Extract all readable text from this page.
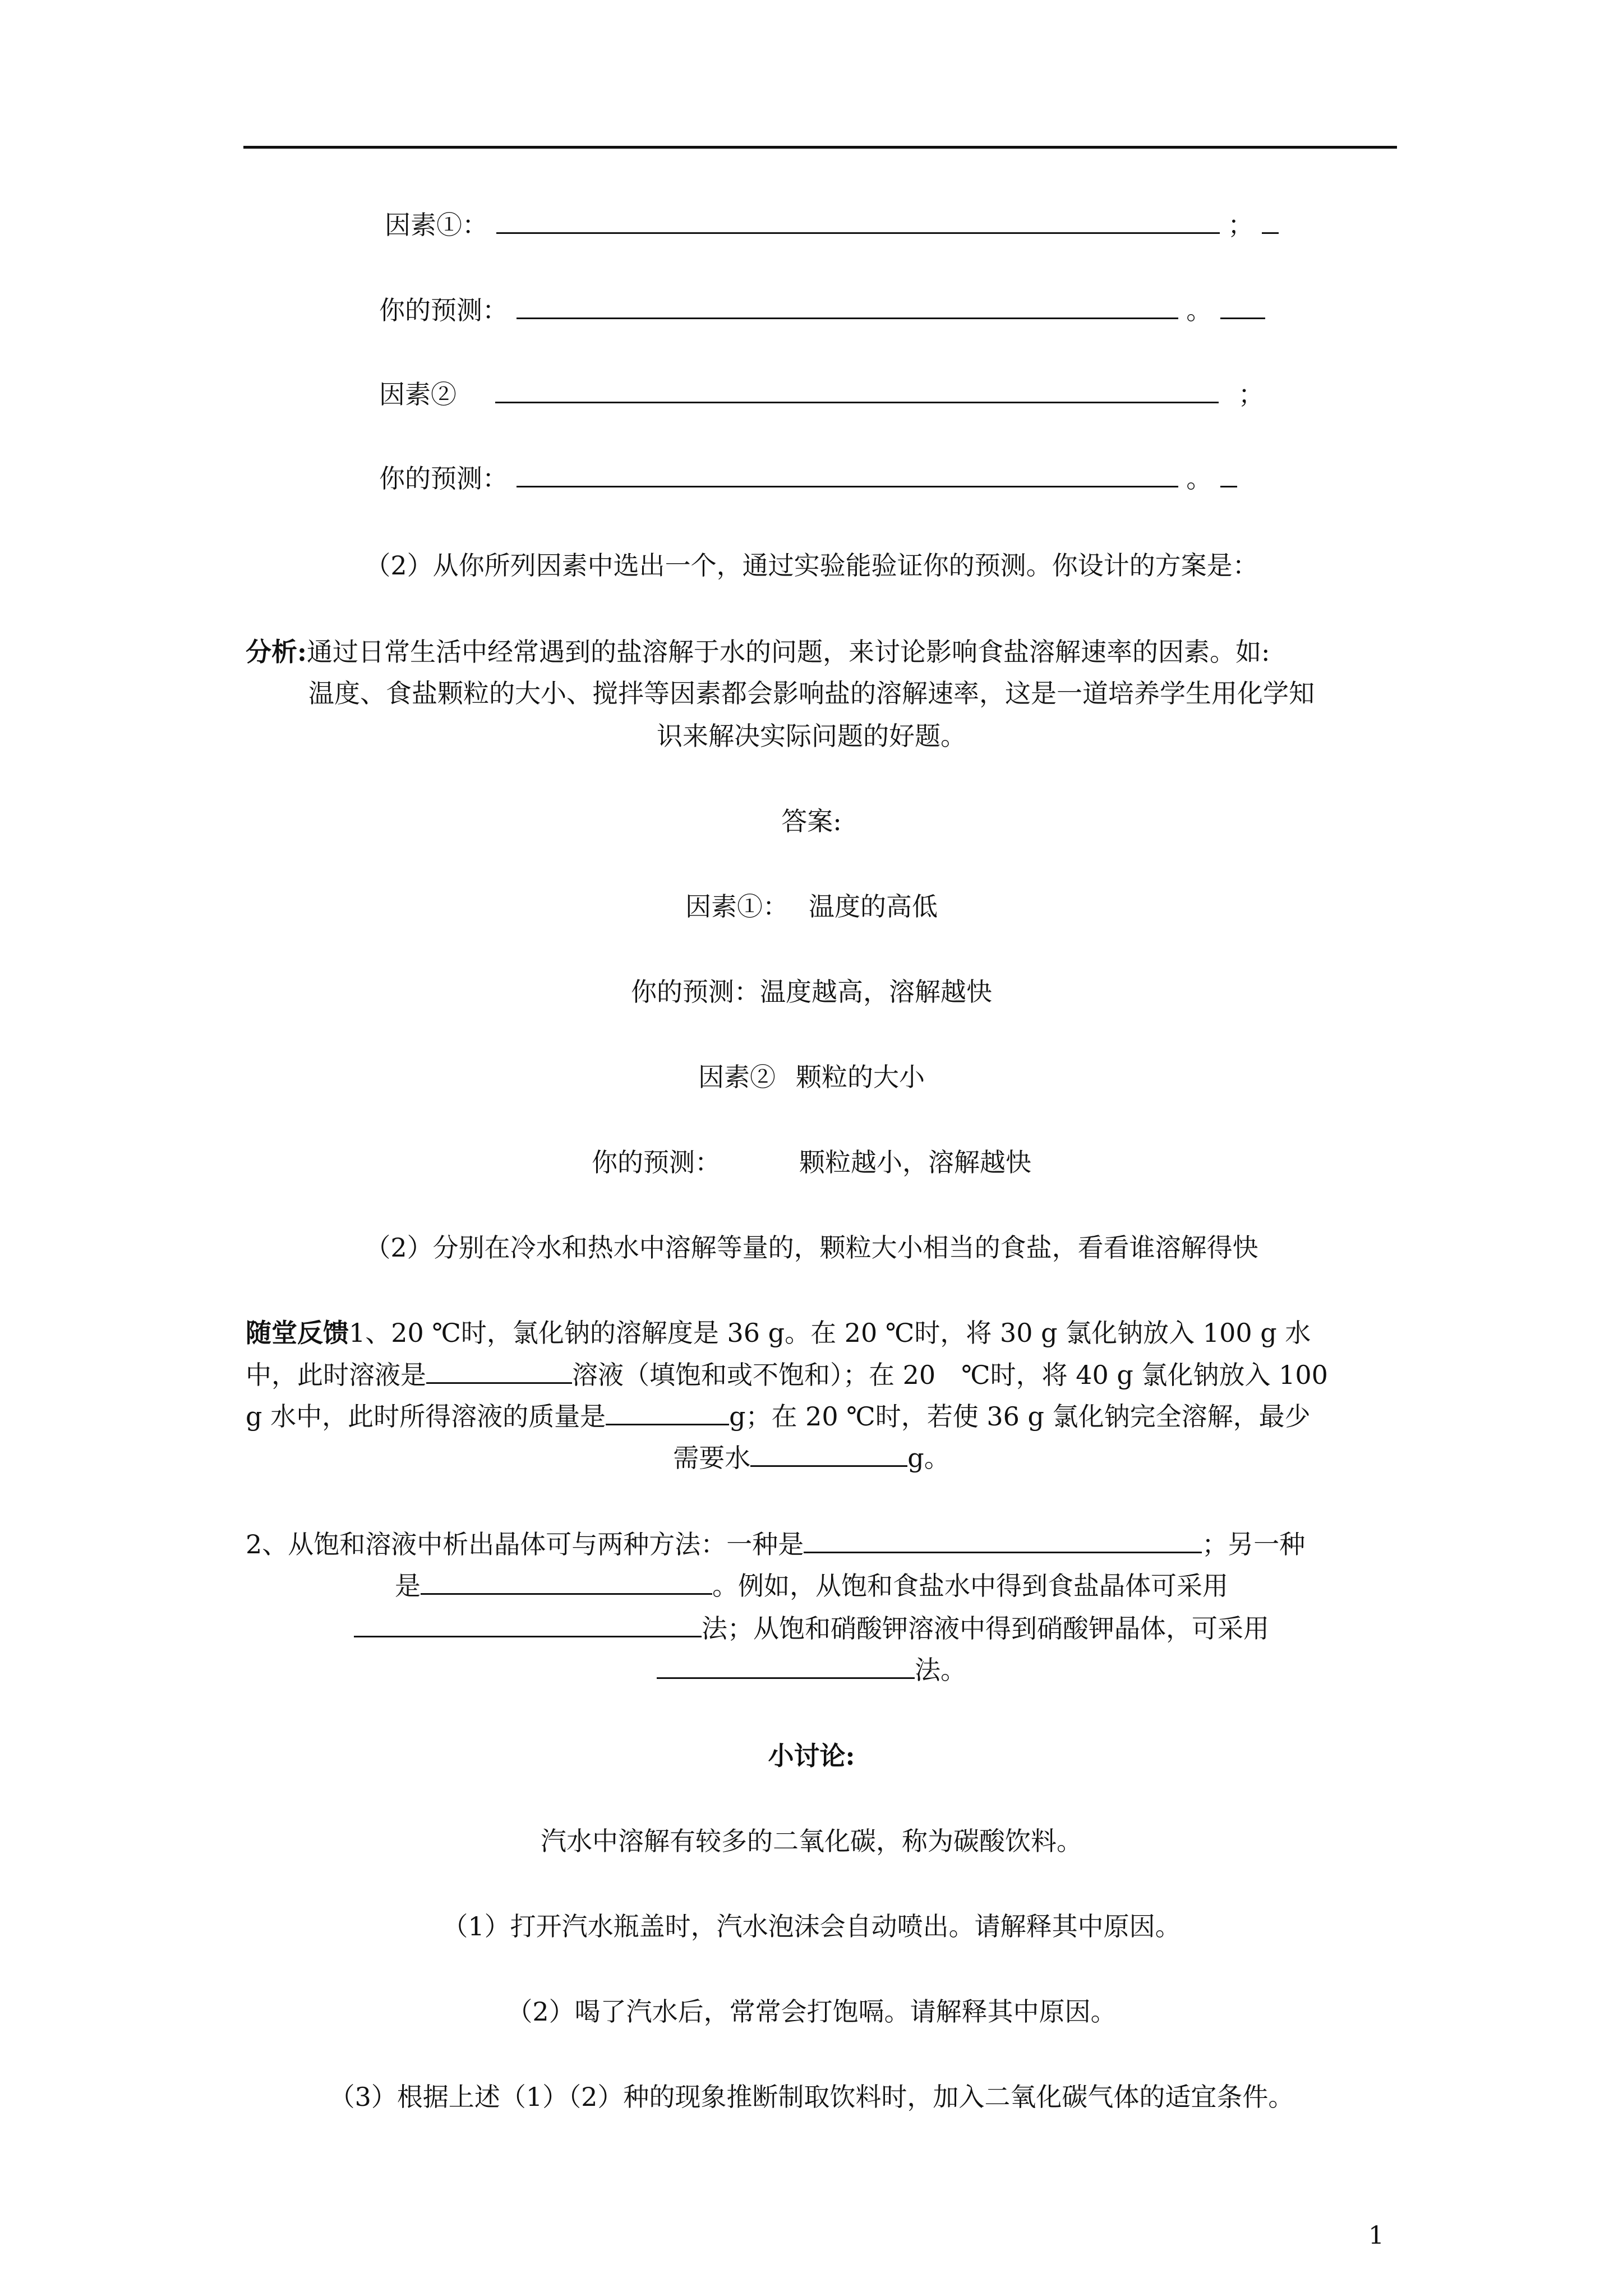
因素①：	；
你的预测：	。
因素②	；
你的预测：	。
（2）从你所列因素中选出一个，通过实验能验证你的预测。你设计的方案是：
分析:通过日常生活中经常遇到的盐溶解于水的问题，来讨论影响食盐溶解速率的因素。如:
温度、食盐颗粒的大小、搅拌等因素都会影响盐的溶解速率，这是一道培养学生用化学知
识来解决实际问题的好题。
答案:
因素①： 温度的高低
你的预测：温度越高，溶解越快
因素② 颗粒的大小
你的预测：	颗粒越小，溶解越快
（2）分别在冷水和热水中溶解等量的，颗粒大小相当的食盐，看看谁溶解得快
随堂反馈1、20 ℃时，氯化钠的溶解度是 36 g。在 20 ℃时，将 30 g 氯化钠放入 100 g 水
中，此时溶液是	溶液（填饱和或不饱和）；在 20　℃时，将 40 g 氯化钠放入 100
g 水中，此时所得溶液的质量是	g；在 20 ℃时，若使 36 g 氯化钠完全溶解，最少
需要水	g。
2、从饱和溶液中析出晶体可与两种方法：一种是	；另一种
是	。例如，从饱和食盐水中得到食盐晶体可采用
法；从饱和硝酸钾溶液中得到硝酸钾晶体，可采用
法。
小讨论:
汽水中溶解有较多的二氧化碳，称为碳酸饮料。
（1）打开汽水瓶盖时，汽水泡沫会自动喷出。请解释其中原因。
（2）喝了汽水后，常常会打饱嗝。请解释其中原因。
（3）根据上述（1）（2）种的现象推断制取饮料时，加入二氧化碳气体的适宜条件。
1
